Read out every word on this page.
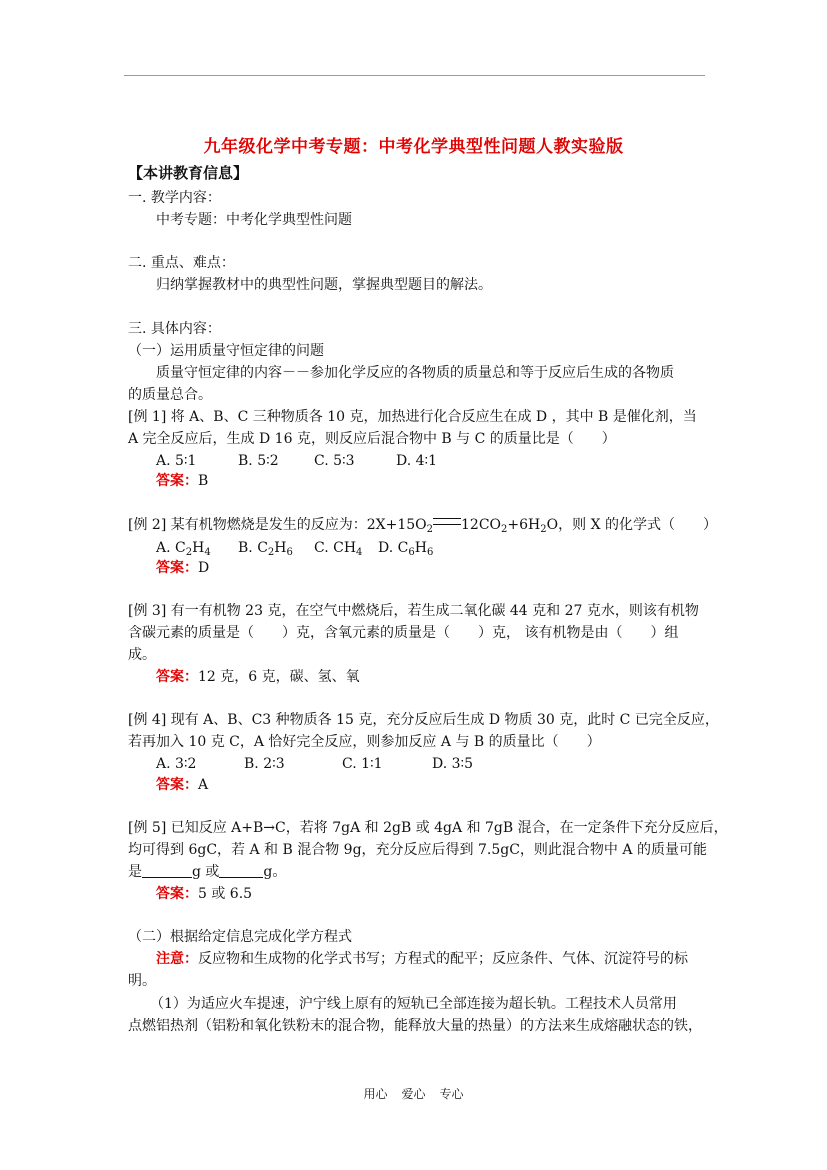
九年级化学中考专题：中考化学典型性问题人教实验版
【本讲教育信息】
一. 教学内容：
中考专题：中考化学典型性问题
二. 重点、难点：
归纳掌握教材中的典型性问题，掌握典型题目的解法。
三. 具体内容：
（一）运用质量守恒定律的问题
质量守恒定律的内容－－参加化学反应的各物质的质量总和等于反应后生成的各物质
的质量总合。
[例 1] 将 A、B、C 三种物质各 10 克，加热进行化合反应生在成 D ，其中 B 是催化剂，当
A 完全反应后，生成 D 16 克，则反应后混合物中 B 与 C 的质量比是（　　）
A. 5∶1	B. 5∶2	C. 5∶3	D. 4∶1
答案：B
[例 2] 某有机物燃烧是发生的反应为：$2X+15O_2$ $12CO_2+6H_2O$，则 X 的化学式（　　）
A. $C_2H_4$ B. $C_2H_6$ C. $CH_4$ D. $C_6H_6$
答案：D
[例 3] 有一有机物 23 克，在空气中燃烧后，若生成二氧化碳 44 克和 27 克水，则该有机物
含碳元素的质量是（　　）克，含氧元素的质量是（　　）克， 该有机物是由（　　）组
成。
答案：12 克，6 克，碳、氢、氧
[例 4] 现有 A、B、C3 种物质各 15 克，充分反应后生成 D 物质 30 克，此时 C 已完全反应，
若再加入 10 克 C，A 恰好完全反应，则参加反应 A 与 B 的质量比（　　）
A. 3∶2	B. 2∶3	C. 1∶1	D. 3∶5
答案：A
[例 5] 已知反应 A+B→C，若将 7gA 和 2gB 或 4gA 和 7gB 混合，在一定条件下充分反应后，
均可得到 6gC，若 A 和 B 混合物 9g，充分反应后得到 7.5gC，则此混合物中 A 的质量可能
是	g 或	g。
答案：5 或 6.5
（二）根据给定信息完成化学方程式
注意：反应物和生成物的化学式书写；方程式的配平；反应条件、气体、沉淀符号的标
明。
（1）为适应火车提速，沪宁线上原有的短轨已全部连接为超长轨。工程技术人员常用
点燃铝热剂（铝粉和氧化铁粉末的混合物，能释放大量的热量）的方法来生成熔融状态的铁，
用心 爱心 专心
